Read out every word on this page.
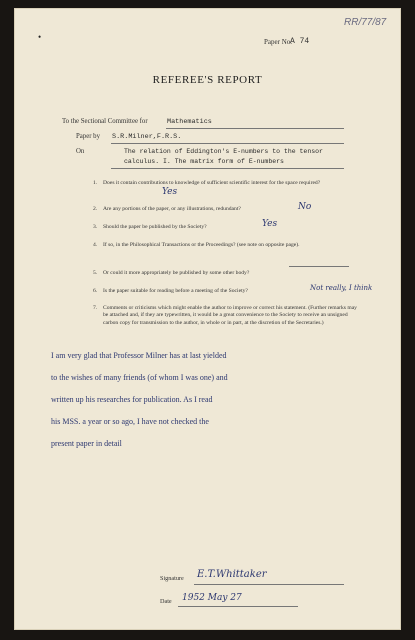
RR/77/87
•	Paper No.
A 74
REFEREE'S REPORT
To the Sectional Committee for	Mathematics
Paper by S.R.Milner,F.R.S.
On	The relation of Eddington's E-numbers to the tensor
calculus. I. The matrix form of E-numbers
1. Does it contain contributions to knowledge of sufficient scientific interest for the space required?
Yes
2. Are any portions of the paper, or any illustrations, redundant?	No
3. Should the paper be published by the Society?	Yes
4. If so, in the Philosophical Transactions or the Proceedings? (see note on opposite page).
5. Or could it more appropriately be published by some other body?
6. Is the paper suitable for reading before a meeting of the Society?	Not really, I think
7. Comments or criticisms which might enable the author to improve or correct his statement. (Further remarks may be attached and, if they are typewritten, it would be a great convenience to the Society to receive an unsigned carbon copy for transmission to the author, in whole or in part, at the discretion of the Secretaries.)
I am very glad that Professor Milner has at last yielded
to the wishes of many friends (of whom I was one) and
written up his researches for publication. As I read
his MSS. a year or so ago, I have not checked the
present paper in detail
Signature E.T.Whittaker
Date 1952 May 27
